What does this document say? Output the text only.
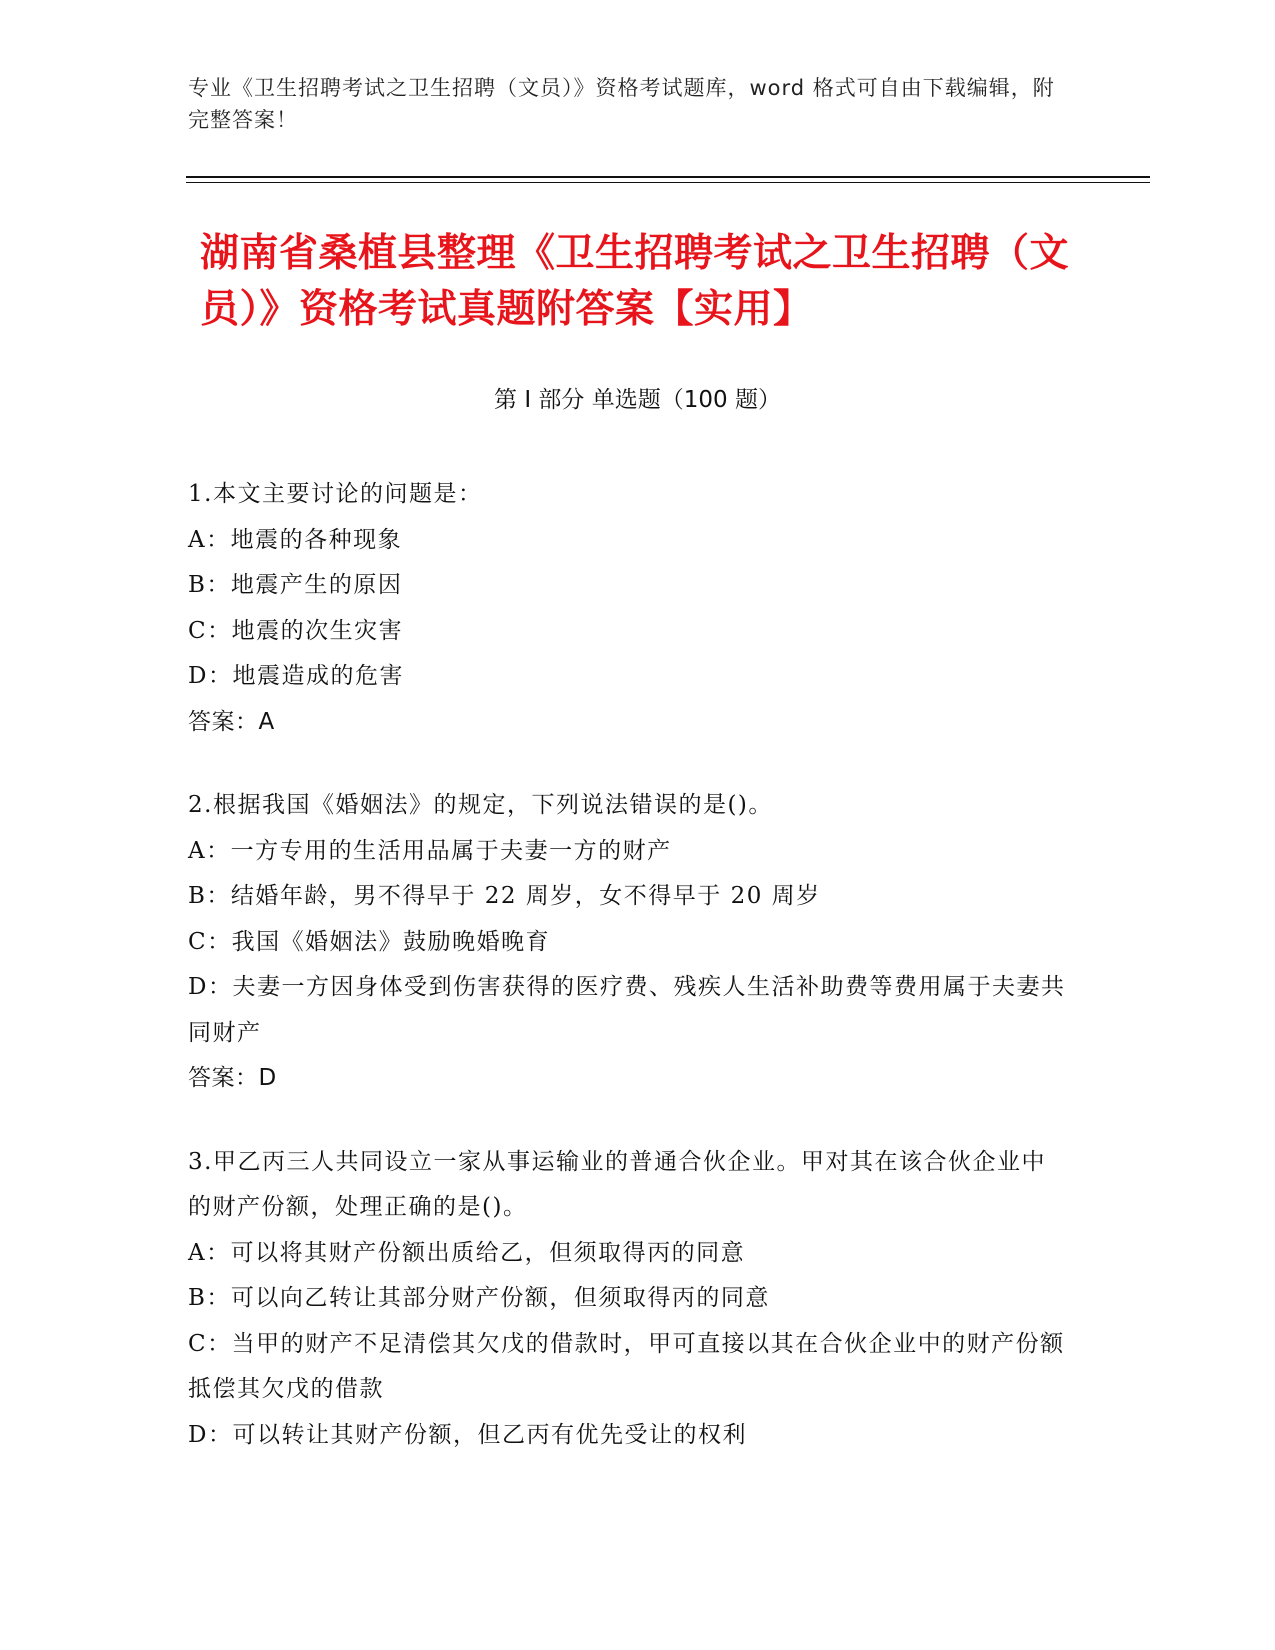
专业《卫生招聘考试之卫生招聘（文员）》资格考试题库，word 格式可自由下载编辑，附完整答案！
湖南省桑植县整理《卫生招聘考试之卫生招聘（文员）》资格考试真题附答案【实用】
第 I 部分 单选题（100 题）
1.本文主要讨论的问题是：
A：地震的各种现象
B：地震产生的原因
C：地震的次生灾害
D：地震造成的危害
答案：A
2.根据我国《婚姻法》的规定，下列说法错误的是()。
A：一方专用的生活用品属于夫妻一方的财产
B：结婚年龄，男不得早于 22 周岁，女不得早于 20 周岁
C：我国《婚姻法》鼓励晚婚晚育
D：夫妻一方因身体受到伤害获得的医疗费、残疾人生活补助费等费用属于夫妻共同财产
答案：D
3.甲乙丙三人共同设立一家从事运输业的普通合伙企业。甲对其在该合伙企业中的财产份额，处理正确的是()。
A：可以将其财产份额出质给乙，但须取得丙的同意
B：可以向乙转让其部分财产份额，但须取得丙的同意
C：当甲的财产不足清偿其欠戊的借款时，甲可直接以其在合伙企业中的财产份额抵偿其欠戊的借款
D：可以转让其财产份额，但乙丙有优先受让的权利
